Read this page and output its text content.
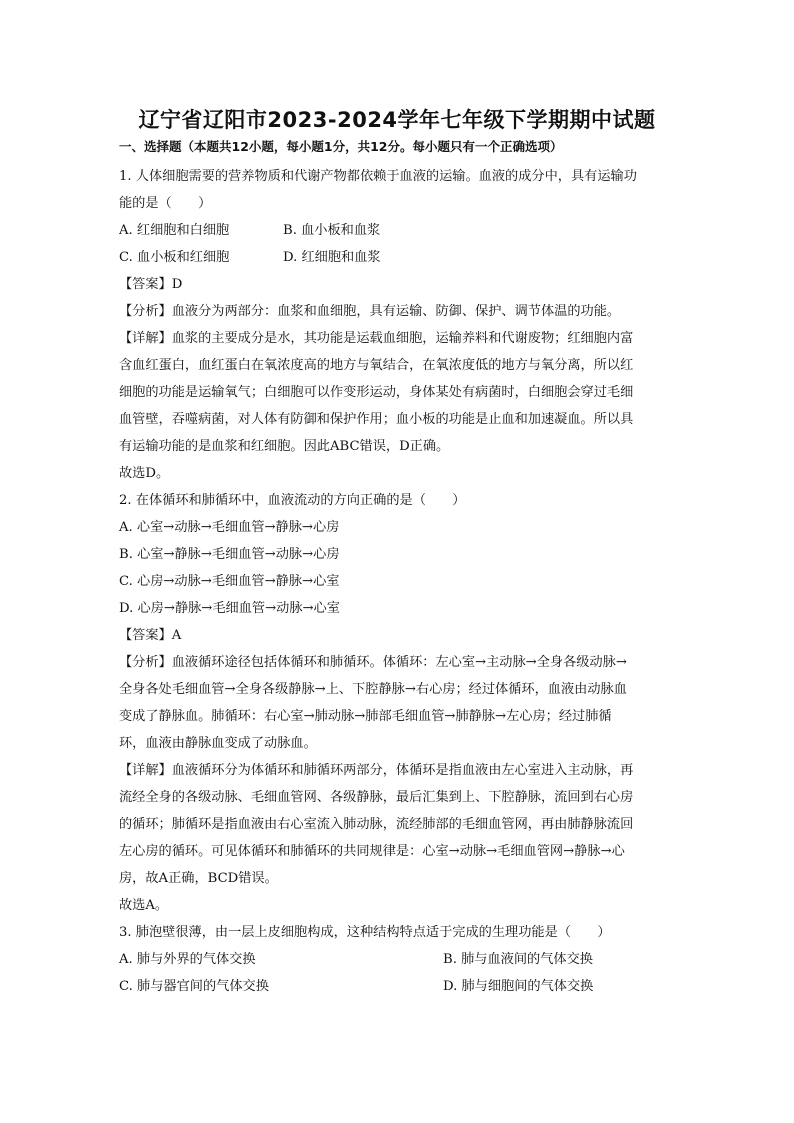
辽宁省辽阳市2023-2024学年七年级下学期期中试题
一、选择题（本题共12小题，每小题1分，共12分。每小题只有一个正确选项）
1. 人体细胞需要的营养物质和代谢产物都依赖于血液的运输。血液的成分中，具有运输功
能的是（　　）
A. 红细胞和白细胞	B. 血小板和血浆
C. 血小板和红细胞	D. 红细胞和血浆
【答案】D
【分析】血液分为两部分：血浆和血细胞，具有运输、防御、保护、调节体温的功能。
【详解】血浆的主要成分是水，其功能是运载血细胞，运输养料和代谢废物；红细胞内富
含血红蛋白，血红蛋白在氧浓度高的地方与氧结合，在氧浓度低的地方与氧分离，所以红
细胞的功能是运输氧气；白细胞可以作变形运动，身体某处有病菌时，白细胞会穿过毛细
血管壁，吞噬病菌，对人体有防御和保护作用；血小板的功能是止血和加速凝血。所以具
有运输功能的是血浆和红细胞。因此ABC错误，D正确。
故选D。
2. 在体循环和肺循环中，血液流动的方向正确的是（　　）
A. 心室→动脉→毛细血管→静脉→心房
B. 心室→静脉→毛细血管→动脉→心房
C. 心房→动脉→毛细血管→静脉→心室
D. 心房→静脉→毛细血管→动脉→心室
【答案】A
【分析】血液循环途径包括体循环和肺循环。体循环：左心室→主动脉→全身各级动脉→
全身各处毛细血管→全身各级静脉→上、下腔静脉→右心房；经过体循环，血液由动脉血
变成了静脉血。肺循环：右心室→肺动脉→肺部毛细血管→肺静脉→左心房；经过肺循
环，血液由静脉血变成了动脉血。
【详解】血液循环分为体循环和肺循环两部分，体循环是指血液由左心室进入主动脉，再
流经全身的各级动脉、毛细血管网、各级静脉，最后汇集到上、下腔静脉，流回到右心房
的循环；肺循环是指血液由右心室流入肺动脉，流经肺部的毛细血管网，再由肺静脉流回
左心房的循环。可见体循环和肺循环的共同规律是：心室→动脉→毛细血管网→静脉→心
房，故A正确，BCD错误。
故选A。
3. 肺泡壁很薄，由一层上皮细胞构成，这种结构特点适于完成的生理功能是（　　）
A. 肺与外界的气体交换	B. 肺与血液间的气体交换
C. 肺与器官间的气体交换	D. 肺与细胞间的气体交换
